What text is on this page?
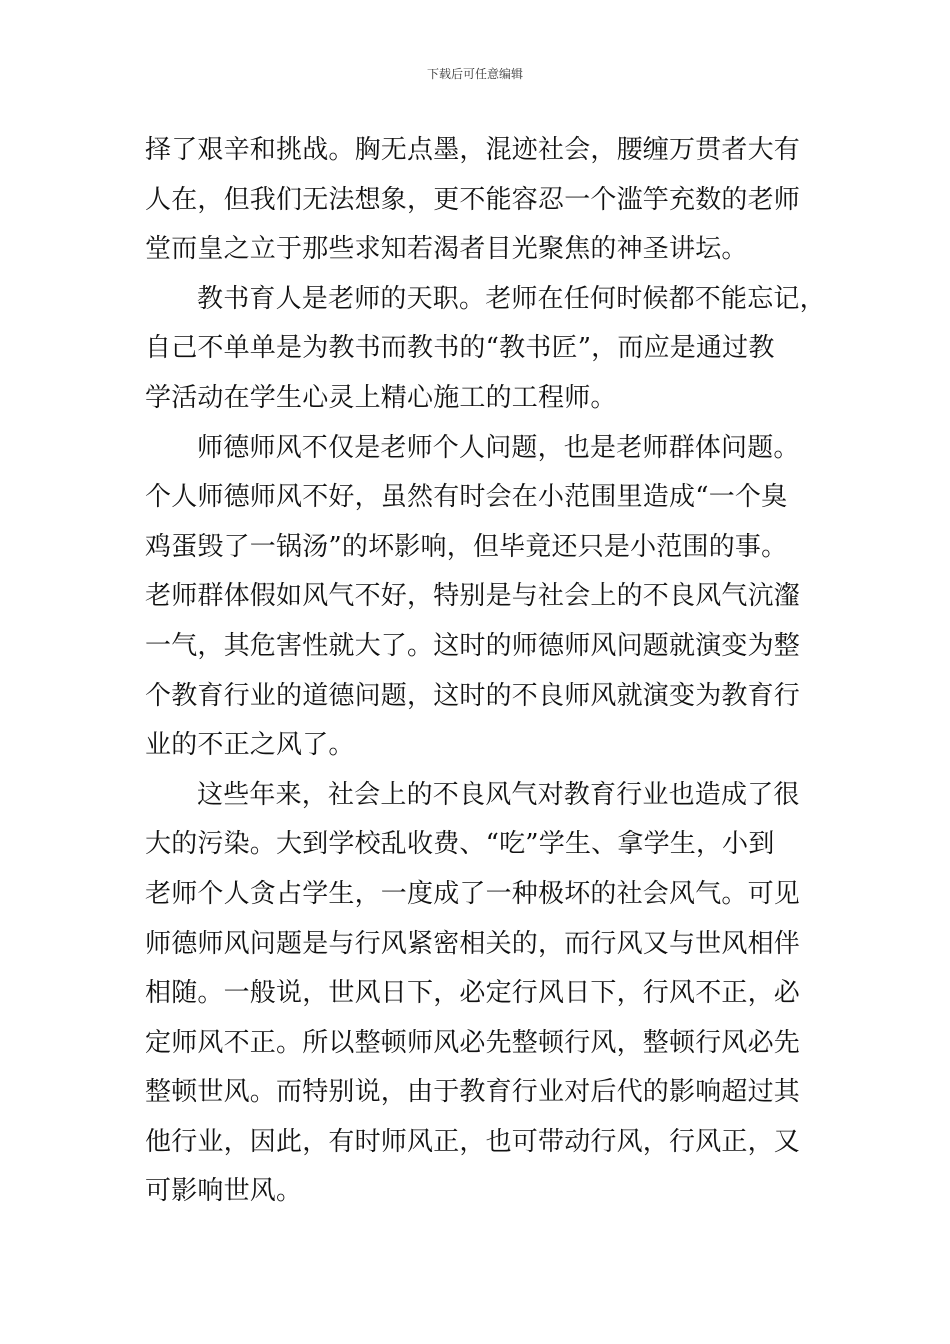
下载后可任意编辑
择了艰辛和挑战。胸无点墨，混迹社会，腰缠万贯者大有
人在，但我们无法想象，更不能容忍一个滥竽充数的老师
堂而皇之立于那些求知若渴者目光聚焦的神圣讲坛。
教书育人是老师的天职。老师在任何时候都不能忘记，
自己不单单是为教书而教书的“教书匠”，而应是通过教
学活动在学生心灵上精心施工的工程师。
师德师风不仅是老师个人问题，也是老师群体问题。
个人师德师风不好，虽然有时会在小范围里造成“一个臭
鸡蛋毁了一锅汤”的坏影响，但毕竟还只是小范围的事。
老师群体假如风气不好，特别是与社会上的不良风气沆瀣
一气，其危害性就大了。这时的师德师风问题就演变为整
个教育行业的道德问题，这时的不良师风就演变为教育行
业的不正之风了。
这些年来，社会上的不良风气对教育行业也造成了很
大的污染。大到学校乱收费、“吃”学生、拿学生，小到
老师个人贪占学生，一度成了一种极坏的社会风气。可见
师德师风问题是与行风紧密相关的，而行风又与世风相伴
相随。一般说，世风日下，必定行风日下，行风不正，必
定师风不正。所以整顿师风必先整顿行风，整顿行风必先
整顿世风。而特别说，由于教育行业对后代的影响超过其
他行业，因此，有时师风正，也可带动行风，行风正，又
可影响世风。
